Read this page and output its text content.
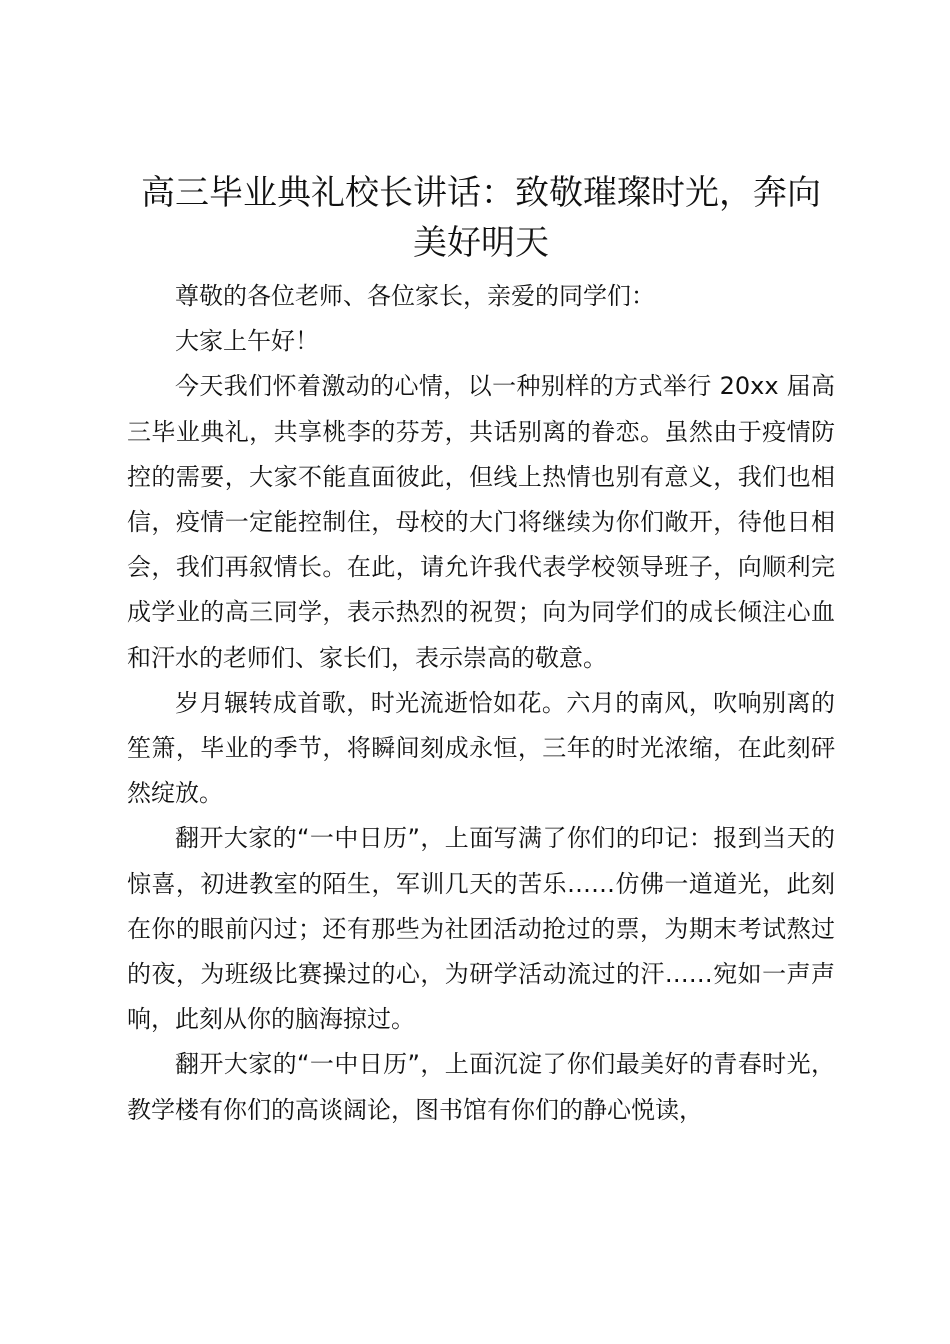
高三毕业典礼校长讲话：致敬璀璨时光，奔向美好明天

尊敬的各位老师、各位家长，亲爱的同学们：

大家上午好！

今天我们怀着激动的心情，以一种别样的方式举行 20xx 届高三毕业典礼，共享桃李的芬芳，共话别离的眷恋。虽然由于疫情防控的需要，大家不能直面彼此，但线上热情也别有意义，我们也相信，疫情一定能控制住，母校的大门将继续为你们敞开，待他日相会，我们再叙情长。在此，请允许我代表学校领导班子，向顺利完成学业的高三同学，表示热烈的祝贺；向为同学们的成长倾注心血和汗水的老师们、家长们，表示崇高的敬意。

岁月辗转成首歌，时光流逝恰如花。六月的南风，吹响别离的笙箫，毕业的季节，将瞬间刻成永恒，三年的时光浓缩，在此刻砰然绽放。

翻开大家的“一中日历”，上面写满了你们的印记：报到当天的惊喜，初进教室的陌生，军训几天的苦乐……仿佛一道道光，此刻在你的眼前闪过；还有那些为社团活动抢过的票，为期末考试熬过的夜，为班级比赛操过的心，为研学活动流过的汗……宛如一声声响，此刻从你的脑海掠过。

翻开大家的“一中日历”，上面沉淀了你们最美好的青春时光，教学楼有你们的高谈阔论，图书馆有你们的静心悦读，
